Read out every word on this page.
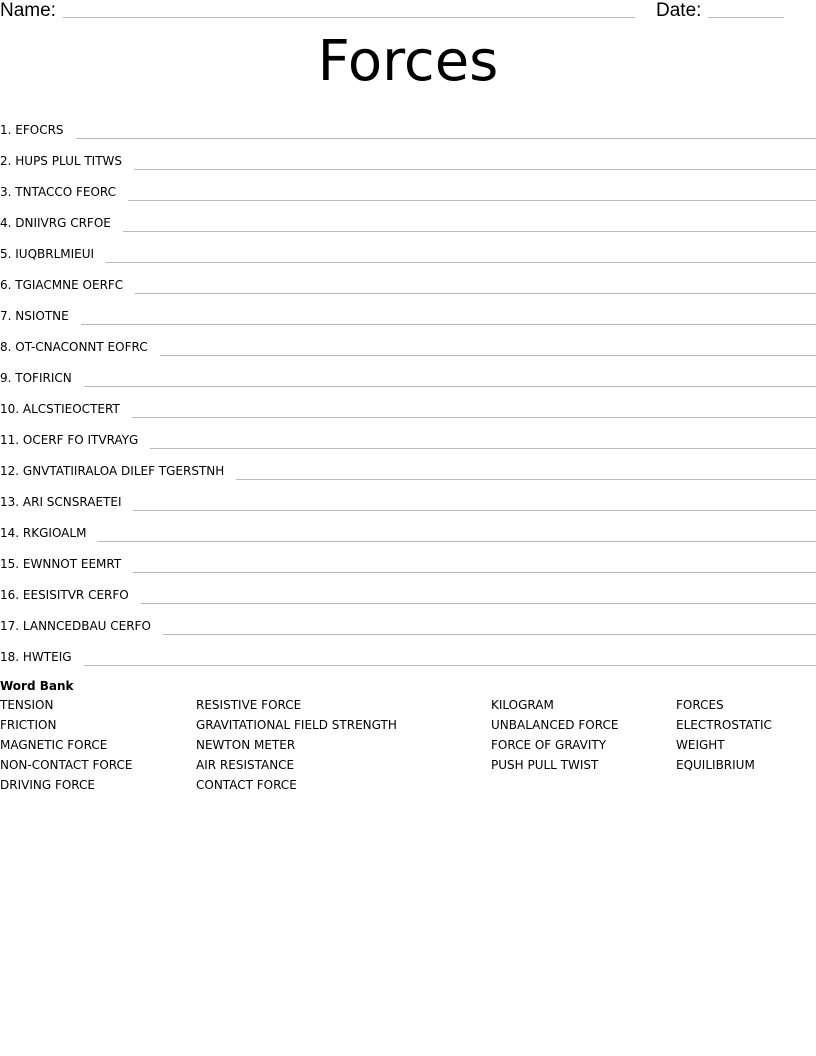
Name:	Date:
Forces
1. EFOCRS
2. HUPS PLUL TITWS
3. TNTACCO FEORC
4. DNIIVRG CRFOE
5. IUQBRLMIEUI
6. TGIACMNE OERFC
7. NSIOTNE
8. OT-CNACONNT EOFRC
9. TOFIRICN
10. ALCSTIEOCTERT
11. OCERF FO ITVRAYG
12. GNVTATIIRALOA DILEF TGERSTNH
13. ARI SCNSRAETEI
14. RKGIOALM
15. EWNNOT EEMRT
16. EESISITVR CERFO
17. LANNCEDBAU CERFO
18. HWTEIG
Word Bank
TENSION
FRICTION
MAGNETIC FORCE
NON-CONTACT FORCE
DRIVING FORCE
RESISTIVE FORCE
GRAVITATIONAL FIELD STRENGTH
NEWTON METER
AIR RESISTANCE
CONTACT FORCE
KILOGRAM
UNBALANCED FORCE
FORCE OF GRAVITY
PUSH PULL TWIST
FORCES
ELECTROSTATIC
WEIGHT
EQUILIBRIUM
